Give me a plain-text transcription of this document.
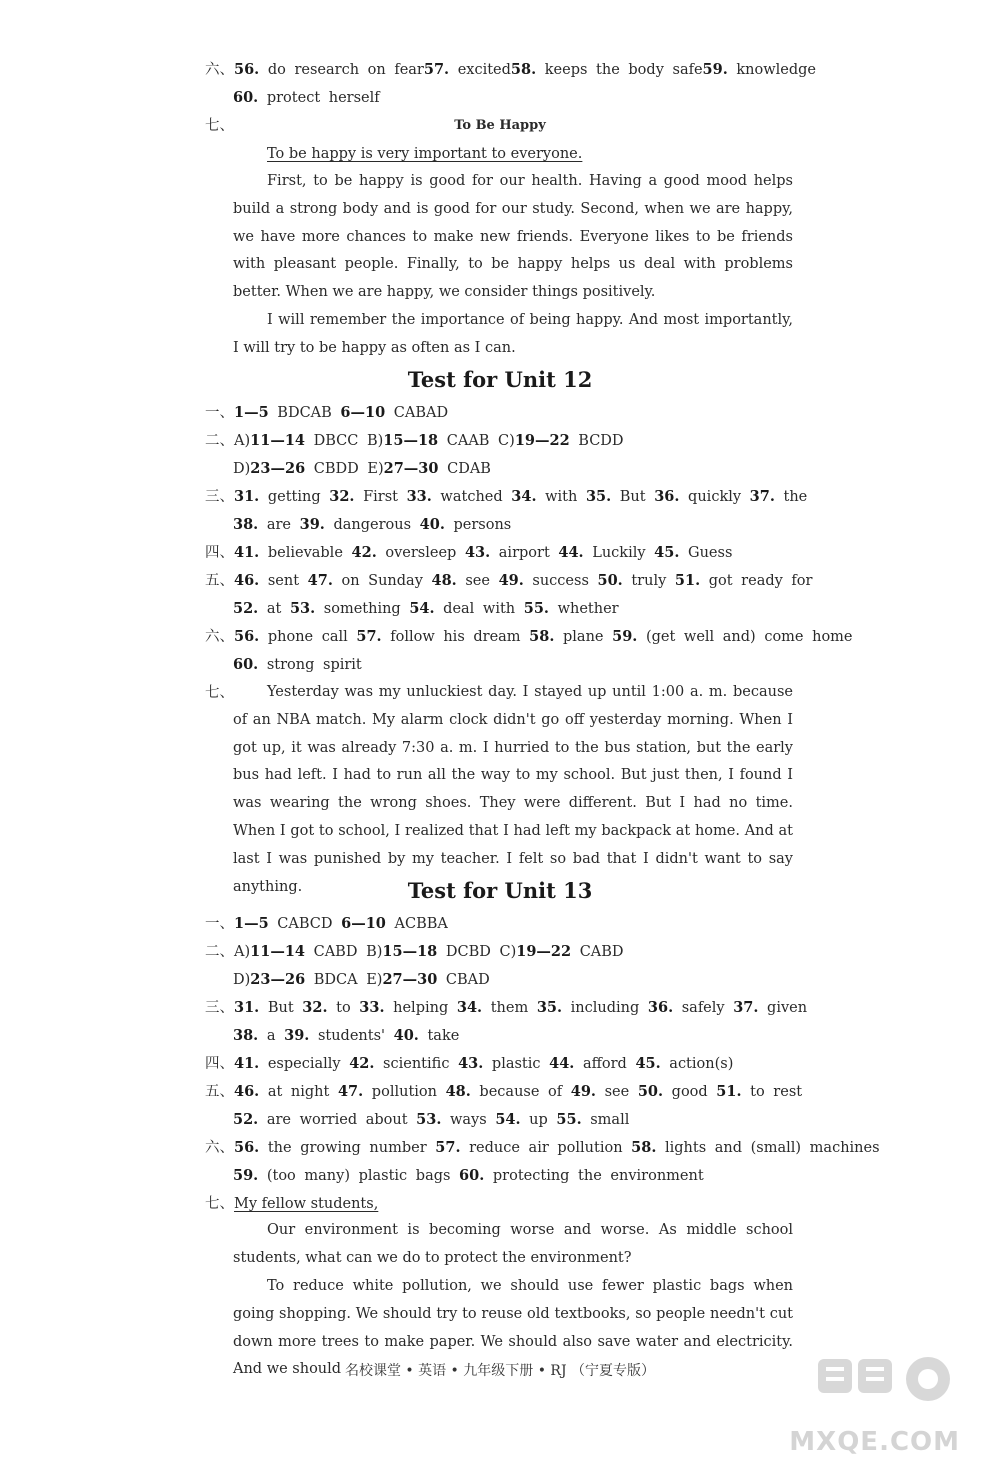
六、56. do research on fear57. excited58. keeps the body safe59. knowledge
60. protect herself
七、	To Be Happy
To be happy is very important to everyone.
First, to be happy is good for our health. Having a good mood helps build a strong body and is good for our study. Second, when we are happy, we have more chances to make new friends. Everyone likes to be friends with pleasant people. Finally, to be happy helps us deal with problems better. When we are happy, we consider things positively.
I will remember the importance of being happy. And most importantly, I will try to be happy as often as I can.
Test for Unit 12
一、1—5 BDCAB 6—10 CABAD
二、A)11—14 DBCC B)15—18 CAAB C)19—22 BCDD
D)23—26 CBDD E)27—30 CDAB
三、31. getting 32. First 33. watched 34. with 35. But 36. quickly 37. the
38. are 39. dangerous 40. persons
四、41. believable 42. oversleep 43. airport 44. Luckily 45. Guess
五、46. sent 47. on Sunday 48. see 49. success 50. truly 51. got ready for
52. at 53. something 54. deal with 55. whether
六、56. phone call 57. follow his dream 58. plane 59. (get well and) come home
60. strong spirit
七、	Yesterday was my unluckiest day. I stayed up until 1:00 a. m. because of an NBA match. My alarm clock didn't go off yesterday morning. When I got up, it was already 7:30 a. m. I hurried to the bus station, but the early bus had left. I had to run all the way to my school. But just then, I found I was wearing the wrong shoes. They were different. But I had no time. When I got to school, I realized that I had left my backpack at home. And at last I was punished by my teacher. I felt so bad that I didn't want to say anything.	Test for Unit 13
一、1—5 CABCD 6—10 ACBBA
二、A)11—14 CABD B)15—18 DCBD C)19—22 CABD
D)23—26 BDCA E)27—30 CBAD
三、31. But 32. to 33. helping 34. them 35. including 36. safely 37. given
38. a 39. students' 40. take
四、41. especially 42. scientific 43. plastic 44. afford 45. action(s)
五、46. at night 47. pollution 48. because of 49. see 50. good 51. to rest
52. are worried about 53. ways 54. up 55. small
六、56. the growing number 57. reduce air pollution 58. lights and (small) machines
59. (too many) plastic bags 60. protecting the environment
七、My fellow students,
Our environment is becoming worse and worse. As middle school students, what can we do to protect the environment?
To reduce white pollution, we should use fewer plastic bags when going shopping. We should try to reuse old textbooks, so people needn't cut down more trees to make paper. We should also save water and electricity. And we should 名校课堂 • 英语 • 九年级下册 • RJ （宁夏专版）
MXQE.COM
